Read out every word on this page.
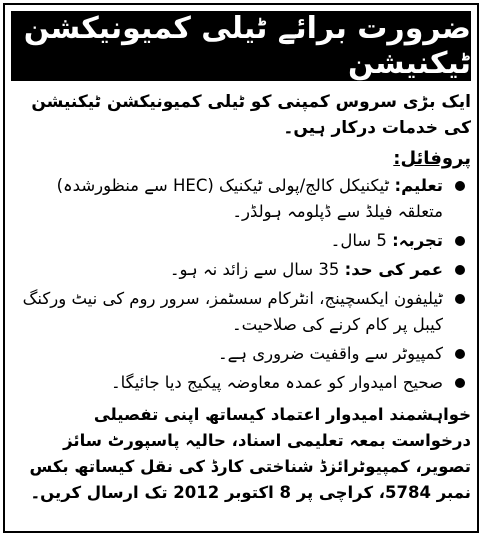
ضرورت برائے ٹیلی کمیونیکشن ٹیکنیشن

ایک بڑی سروس کمپنی کو ٹیلی کمیونیکشن ٹیکنیشن کی خدمات درکار ہیں۔

پروفائل:

تعلیم: ٹیکنیکل کالج/پولی ٹیکنیک (HEC سے منظورشدہ) متعلقہ فیلڈ سے ڈپلومہ ہولڈر۔
تجربہ: 5 سال۔
عمر کی حد: 35 سال سے زائد نہ ہو۔
ٹیلیفون ایکسچینج، انٹرکام سسٹمز، سرور روم کی نیٹ ورکنگ کیبل پر کام کرنے کی صلاحیت۔
کمپیوٹر سے واقفیت ضروری ہے۔
صحیح امیدوار کو عمدہ معاوضہ پیکیج دیا جائیگا۔

خواہشمند امیدوار اعتماد کیساتھ اپنی تفصیلی درخواست بمعہ تعلیمی اسناد، حالیہ پاسپورٹ سائز تصویر، کمپیوٹرائزڈ شناختی کارڈ کی نقل کیساتھ بکس نمبر 5784، کراچی پر 8 اکتوبر 2012 تک ارسال کریں۔
